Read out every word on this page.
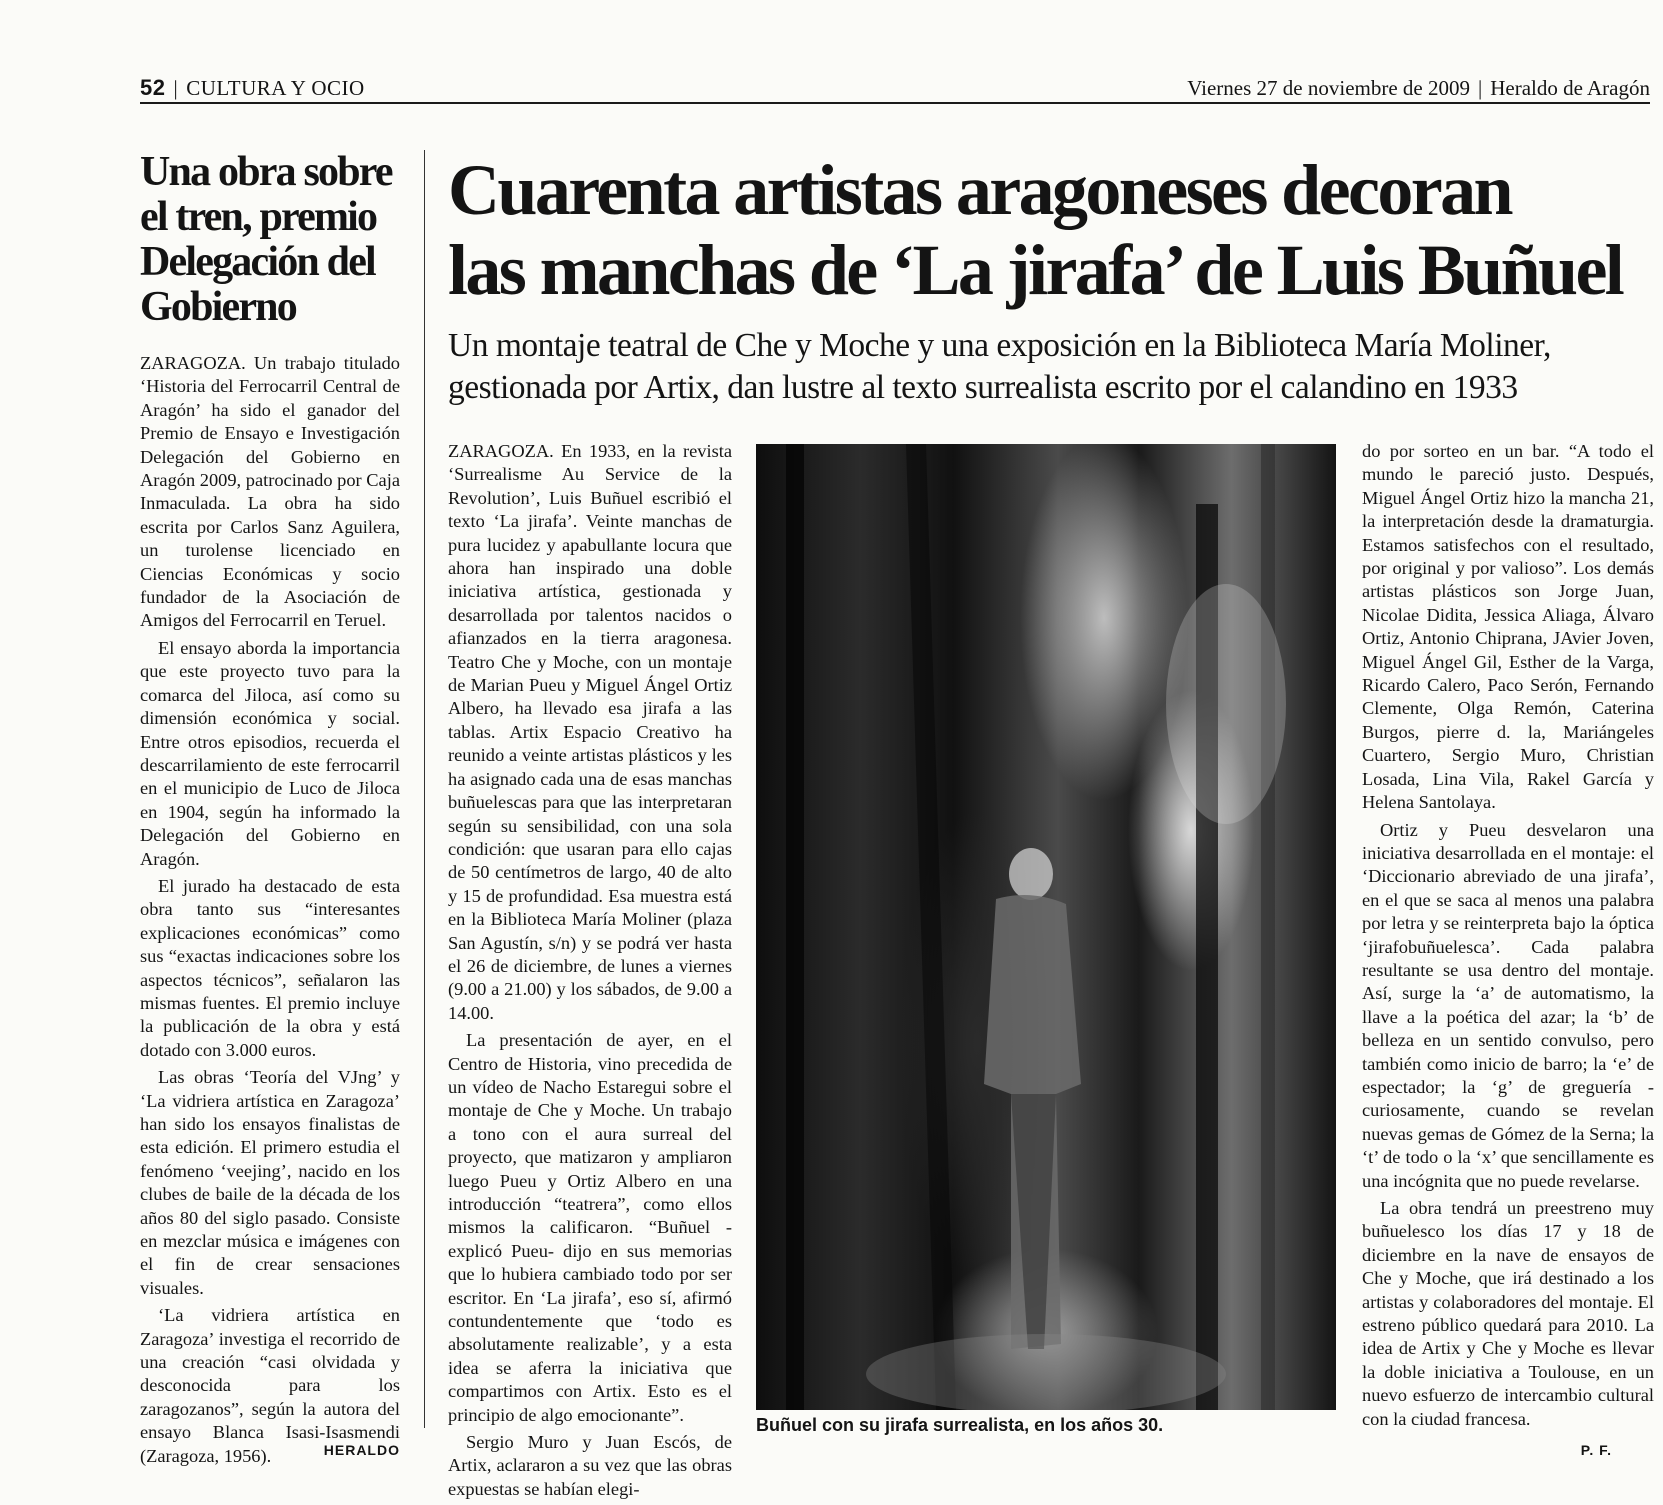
52 | CULTURA Y OCIO	Viernes 27 de noviembre de 2009 | Heraldo de Aragón
Una obra sobre el tren, premio Delegación del Gobierno

ZARAGOZA. Un trabajo titulado ‘Historia del Ferrocarril Central de Aragón’ ha sido el ganador del Premio de Ensayo e Investigación Delegación del Gobierno en Aragón 2009, patrocinado por Caja Inmaculada. La obra ha sido escrita por Carlos Sanz Aguilera, un turolense licenciado en Ciencias Económicas y socio fundador de la Asociación de Amigos del Ferrocarril en Teruel.

El ensayo aborda la importancia que este proyecto tuvo para la comarca del Jiloca, así como su dimensión económica y social. Entre otros episodios, recuerda el descarrilamiento de este ferrocarril en el municipio de Luco de Jiloca en 1904, según ha informado la Delegación del Gobierno en Aragón.

El jurado ha destacado de esta obra tanto sus “interesantes explicaciones económicas” como sus “exactas indicaciones sobre los aspectos técnicos”, señalaron las mismas fuentes. El premio incluye la publicación de la obra y está dotado con 3.000 euros.

Las obras ‘Teoría del VJng’ y ‘La vidriera artística en Zaragoza’ han sido los ensayos finalistas de esta edición. El primero estudia el fenómeno ‘veejing’, nacido en los clubes de baile de la década de los años 80 del siglo pasado. Consiste en mezclar música e imágenes con el fin de crear sensaciones visuales.

‘La vidriera artística en Zaragoza’ investiga el recorrido de una creación “casi olvidada y desconocida para los zaragozanos”, según la autora del ensayo Blanca Isasi-Isasmendi (Zaragoza, 1956).	HERALDO
Cuarenta artistas aragoneses decoran
las manchas de ‘La jirafa’ de Luis Buñuel

Un montaje teatral de Che y Moche y una exposición en la Biblioteca María Moliner, gestionada por Artix, dan lustre al texto surrealista escrito por el calandino en 1933

ZARAGOZA. En 1933, en la revista ‘Surrealisme Au Service de la Revolution’, Luis Buñuel escribió el texto ‘La jirafa’. Veinte manchas de pura lucidez y apabullante locura que ahora han inspirado una doble iniciativa artística, gestionada y desarrollada por talentos nacidos o afianzados en la tierra aragonesa. Teatro Che y Moche, con un montaje de Marian Pueu y Miguel Ángel Ortiz Albero, ha llevado esa jirafa a las tablas. Artix Espacio Creativo ha reunido a veinte artistas plásticos y les ha asignado cada una de esas manchas buñuelescas para que las interpretaran según su sensibilidad, con una sola condición: que usaran para ello cajas de 50 centímetros de largo, 40 de alto y 15 de profundidad. Esa muestra está en la Biblioteca María Moliner (plaza San Agustín, s/n) y se podrá ver hasta el 26 de diciembre, de lunes a viernes (9.00 a 21.00) y los sábados, de 9.00 a 14.00.

La presentación de ayer, en el Centro de Historia, vino precedida de un vídeo de Nacho Estaregui sobre el montaje de Che y Moche. Un trabajo a tono con el aura surreal del proyecto, que matizaron y ampliaron luego Pueu y Ortiz Albero en una introducción “teatrera”, como ellos mismos la calificaron. “Buñuel -explicó Pueu- dijo en sus memorias que lo hubiera cambiado todo por ser escritor. En ‘La jirafa’, eso sí, afirmó contundentemente que ‘todo es absolutamente realizable’, y a esta idea se aferra la iniciativa que compartimos con Artix. Esto es el principio de algo emocionante”.

Sergio Muro y Juan Escós, de Artix, aclararon a su vez que las obras expuestas se habían elegi-

Buñuel con su jirafa surrealista, en los años 30.

do por sorteo en un bar. “A todo el mundo le pareció justo. Después, Miguel Ángel Ortiz hizo la mancha 21, la interpretación desde la dramaturgia. Estamos satisfechos con el resultado, por original y por valioso”. Los demás artistas plásticos son Jorge Juan, Nicolae Didita, Jessica Aliaga, Álvaro Ortiz, Antonio Chiprana, JAvier Joven, Miguel Ángel Gil, Esther de la Varga, Ricardo Calero, Paco Serón, Fernando Clemente, Olga Remón, Caterina Burgos, pierre d. la, Mariángeles Cuartero, Sergio Muro, Christian Losada, Lina Vila, Rakel García y Helena Santolaya.

Ortiz y Pueu desvelaron una iniciativa desarrollada en el montaje: el ‘Diccionario abreviado de una jirafa’, en el que se saca al menos una palabra por letra y se reinterpreta bajo la óptica ‘jirafobuñuelesca’. Cada palabra resultante se usa dentro del montaje. Así, surge la ‘a’ de automatismo, la llave a la poética del azar; la ‘b’ de belleza en un sentido convulso, pero también como inicio de barro; la ‘e’ de espectador; la ‘g’ de greguería -curiosamente, cuando se revelan nuevas gemas de Gómez de la Serna; la ‘t’ de todo o la ‘x’ que sencillamente es una incógnita que no puede revelarse.

La obra tendrá un preestreno muy buñuelesco los días 17 y 18 de diciembre en la nave de ensayos de Che y Moche, que irá destinado a los artistas y colaboradores del montaje. El estreno público quedará para 2010. La idea de Artix y Che y Moche es llevar la doble iniciativa a Toulouse, en un nuevo esfuerzo de intercambio cultural con la ciudad francesa.

P. F.
